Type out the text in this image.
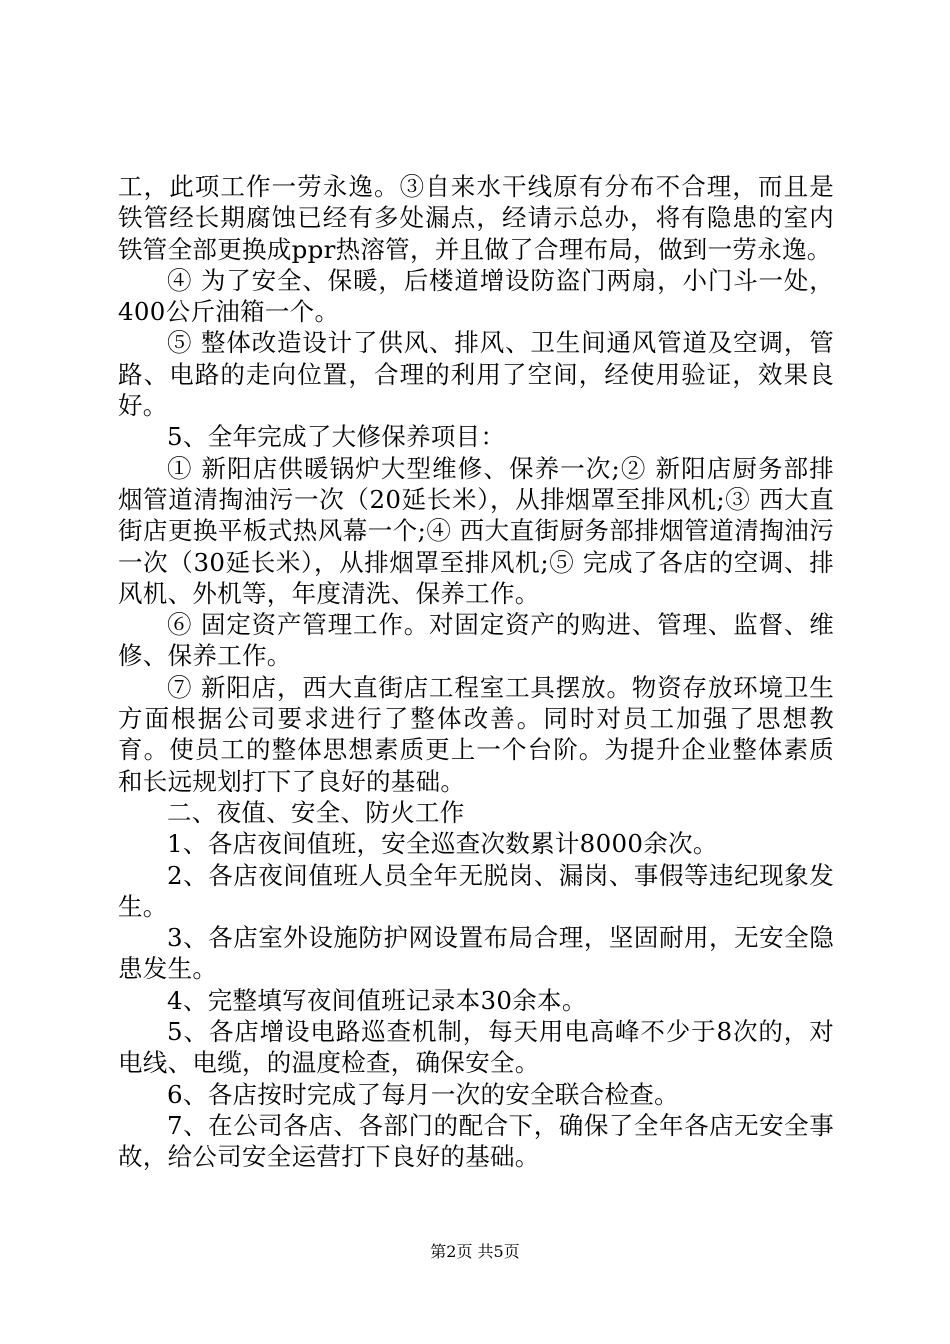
工，此项工作一劳永逸。③自来水干线原有分布不合理，而且是铁管经长期腐蚀已经有多处漏点，经请示总办，将有隐患的室内铁管全部更换成ppr热溶管，并且做了合理布局，做到一劳永逸。

④ 为了安全、保暖，后楼道增设防盗门两扇，小门斗一处，400公斤油箱一个。

⑤ 整体改造设计了供风、排风、卫生间通风管道及空调，管路、电路的走向位置，合理的利用了空间，经使用验证，效果良好。

5、全年完成了大修保养项目：

① 新阳店供暖锅炉大型维修、保养一次;② 新阳店厨务部排烟管道清掏油污一次（20延长米），从排烟罩至排风机;③ 西大直街店更换平板式热风幕一个;④ 西大直街厨务部排烟管道清掏油污一次（30延长米），从排烟罩至排风机;⑤ 完成了各店的空调、排风机、外机等，年度清洗、保养工作。

⑥ 固定资产管理工作。对固定资产的购进、管理、监督、维修、保养工作。

⑦ 新阳店，西大直街店工程室工具摆放。物资存放环境卫生方面根据公司要求进行了整体改善。同时对员工加强了思想教育。使员工的整体思想素质更上一个台阶。为提升企业整体素质和长远规划打下了良好的基础。

二、夜值、安全、防火工作

1、各店夜间值班，安全巡查次数累计8000余次。

2、各店夜间值班人员全年无脱岗、漏岗、事假等违纪现象发生。

3、各店室外设施防护网设置布局合理，坚固耐用，无安全隐患发生。

4、完整填写夜间值班记录本30余本。

5、各店增设电路巡查机制，每天用电高峰不少于8次的，对电线、电缆，的温度检查，确保安全。

6、各店按时完成了每月一次的安全联合检查。

7、在公司各店、各部门的配合下，确保了全年各店无安全事故，给公司安全运营打下良好的基础。

第2页 共5页
